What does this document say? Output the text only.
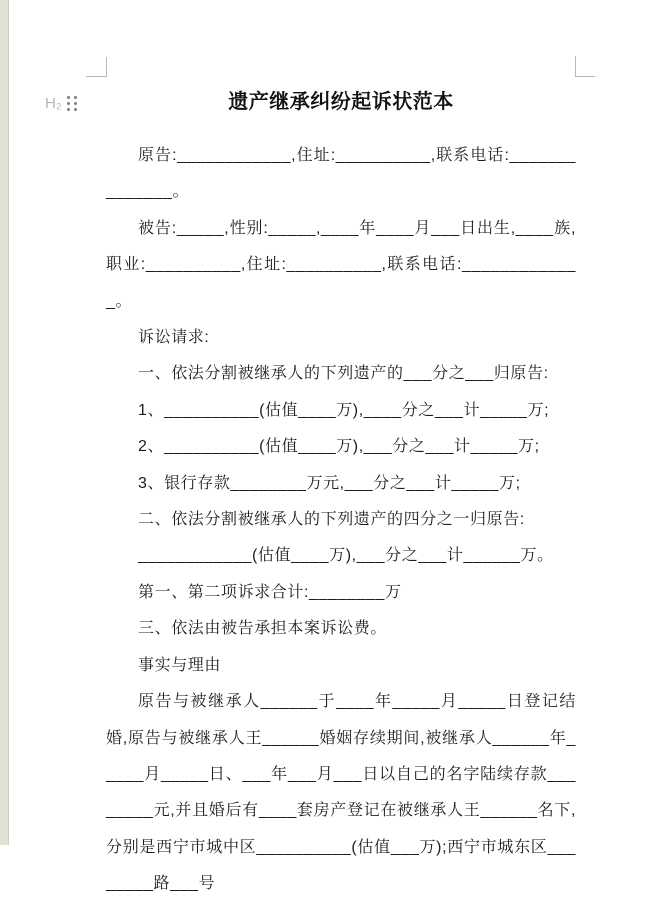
H₂	遗产继承纠纷起诉状范本

原告:____________,住址:__________,联系电话:______________。

被告:_____,性别:_____,____年____月___日出生,____族,职业:__________,住址:__________,联系电话:_____________。

诉讼请求:

一、依法分割被继承人的下列遗产的___分之___归原告:

1、__________(估值____万),____分之___计_____万;

2、__________(估值____万),___分之___计_____万;

3、银行存款________万元,___分之___计_____万;

二、依法分割被继承人的下列遗产的四分之一归原告:

____________(估值____万),___分之___计______万。

第一、第二项诉求合计:________万

三、依法由被告承担本案诉讼费。

事实与理由

原告与被继承人______于____年_____月_____日登记结婚,原告与被继承人王______婚姻存续期间,被继承人______年_____月_____日、___年___月___日以自己的名字陆续存款________元,并且婚后有____套房产登记在被继承人王______名下,分别是西宁市城中区__________(估值___万);西宁市城东区________路___号
